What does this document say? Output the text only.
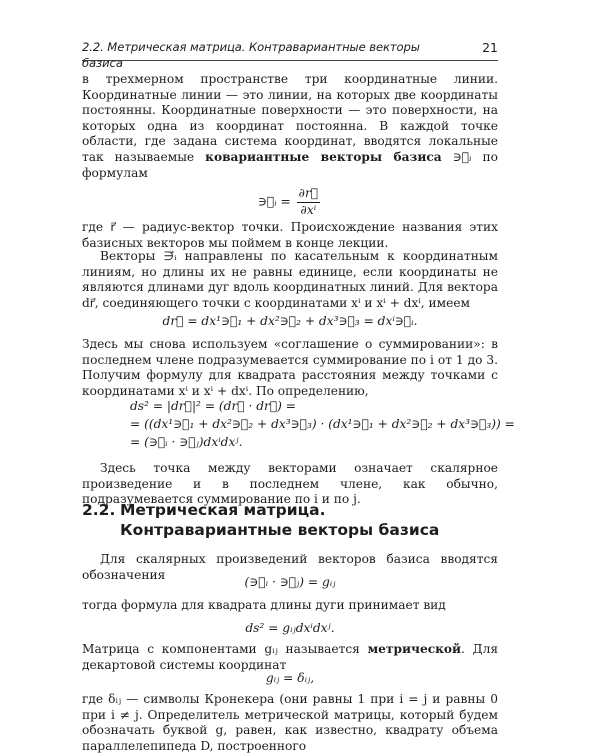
2.2. Метрическая матрица. Контравариантные векторы базиса
21
в трехмерном пространстве три координатные линии. Координатные линии — это линии, на которых две координаты постоянны. Координатные поверхности — это поверхности, на которых одна из координат постоянна. В каждой точке области, где задана система координат, вводятся локальные так называемые ковариантные векторы базиса ∋⃗ᵢ по формулам
∋⃗ᵢ = $\frac{\partial r⃗}{\text{∂xⁱ}}$
где r⃗ — радиус-вектор точки. Происхождение названия этих базисных векторов мы поймем в конце лекции.
Векторы ∋⃗ᵢ направлены по касательным к координатным линиям, но длины их не равны единице, если координаты не являются длинами дуг вдоль координатных линий. Для вектора dr⃗, соединяющего точки с координатами xⁱ и xⁱ + dxⁱ, имеем
dr⃗ = dx¹∋⃗₁ + dx²∋⃗₂ + dx³∋⃗₃ = dxⁱ∋⃗ᵢ.
Здесь мы снова используем «соглашение о суммировании»: в последнем члене подразумевается суммирование по i от 1 до 3. Получим формулу для квадрата расстояния между точками с координатами xⁱ и xⁱ + dxⁱ. По определению,
ds² = |dr⃗|² = (dr⃗ · dr⃗) =
= ((dx¹∋⃗₁ + dx²∋⃗₂ + dx³∋⃗₃) · (dx¹∋⃗₁ + dx²∋⃗₂ + dx³∋⃗₃)) =
= (∋⃗ᵢ · ∋⃗ⱼ)dxⁱdxʲ.
Здесь точка между векторами означает скалярное произведение и в последнем члене, как обычно, подразумевается суммирование по i и по j.
2.2. Метрическая матрица.
Контравариантные векторы базиса
Для скалярных произведений векторов базиса вводятся обозначения
(∋⃗ᵢ · ∋⃗ⱼ) = gᵢⱼ
тогда формула для квадрата длины дуги принимает вид
ds² = gᵢⱼdxⁱdxʲ.
Матрица с компонентами gᵢⱼ называется метрической. Для декартовой системы координат
gᵢⱼ = δᵢⱼ,
где δᵢⱼ — символы Кронекера (они равны 1 при i = j и равны 0 при i ≠ j. Определитель метрической матрицы, который будем обозначать буквой g, равен, как известно, квадрату объема параллелепипеда D, построенного
